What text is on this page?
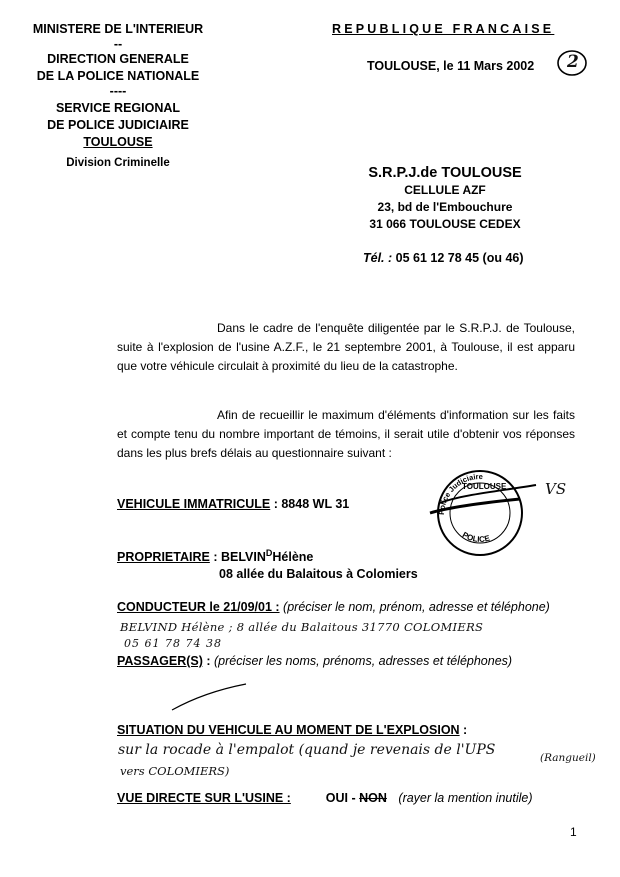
MINISTERE DE L'INTERIEUR
--
DIRECTION GENERALE
DE LA POLICE NATIONALE
----
SERVICE REGIONAL
DE POLICE JUDICIAIRE
TOULOUSE
Division Criminelle
REPUBLIQUE FRANCAISE
TOULOUSE, le 11 Mars 2002 2
S.R.P.J.de TOULOUSE
CELLULE AZF
23, bd de l'Embouchure
31 066 TOULOUSE CEDEX
Tél. : 05 61 12 78 45 (ou 46)
Dans le cadre de l'enquête diligentée par le S.R.P.J. de Toulouse, suite à l'explosion de l'usine A.Z.F., le 21 septembre 2001, à Toulouse, il est apparu que votre véhicule circulait à proximité du lieu de la catastrophe.
Afin de recueillir le maximum d'éléments d'information sur les faits et compte tenu du nombre important de témoins, il serait utile d'obtenir vos réponses dans les plus brefs délais au questionnaire suivant :
Police Judiciaire
POLICE
TOULOUSE	VS
VEHICULE IMMATRICULE : 8848 WL 31
PROPRIETAIRE : $BELVIN^DHélène$
08 allée du Balaitous à Colomiers
CONDUCTEUR le 21/09/01 : (préciser le nom, prénom, adresse et téléphone)
BELVIND Hélène ; 8 allée du Balaitous 31770 COLOMIERS
05 61 78 74 38
PASSAGER(S) : (préciser les noms, prénoms, adresses et téléphones)
SITUATION DU VEHICULE AU MOMENT DE L'EXPLOSION :
sur la rocade à l'empalot (quand je revenais de l'UPS	(Rangueil)
vers COLOMIERS)
VUE DIRECTE SUR L'USINE :	OUI - NON (rayer la mention inutile)
1
